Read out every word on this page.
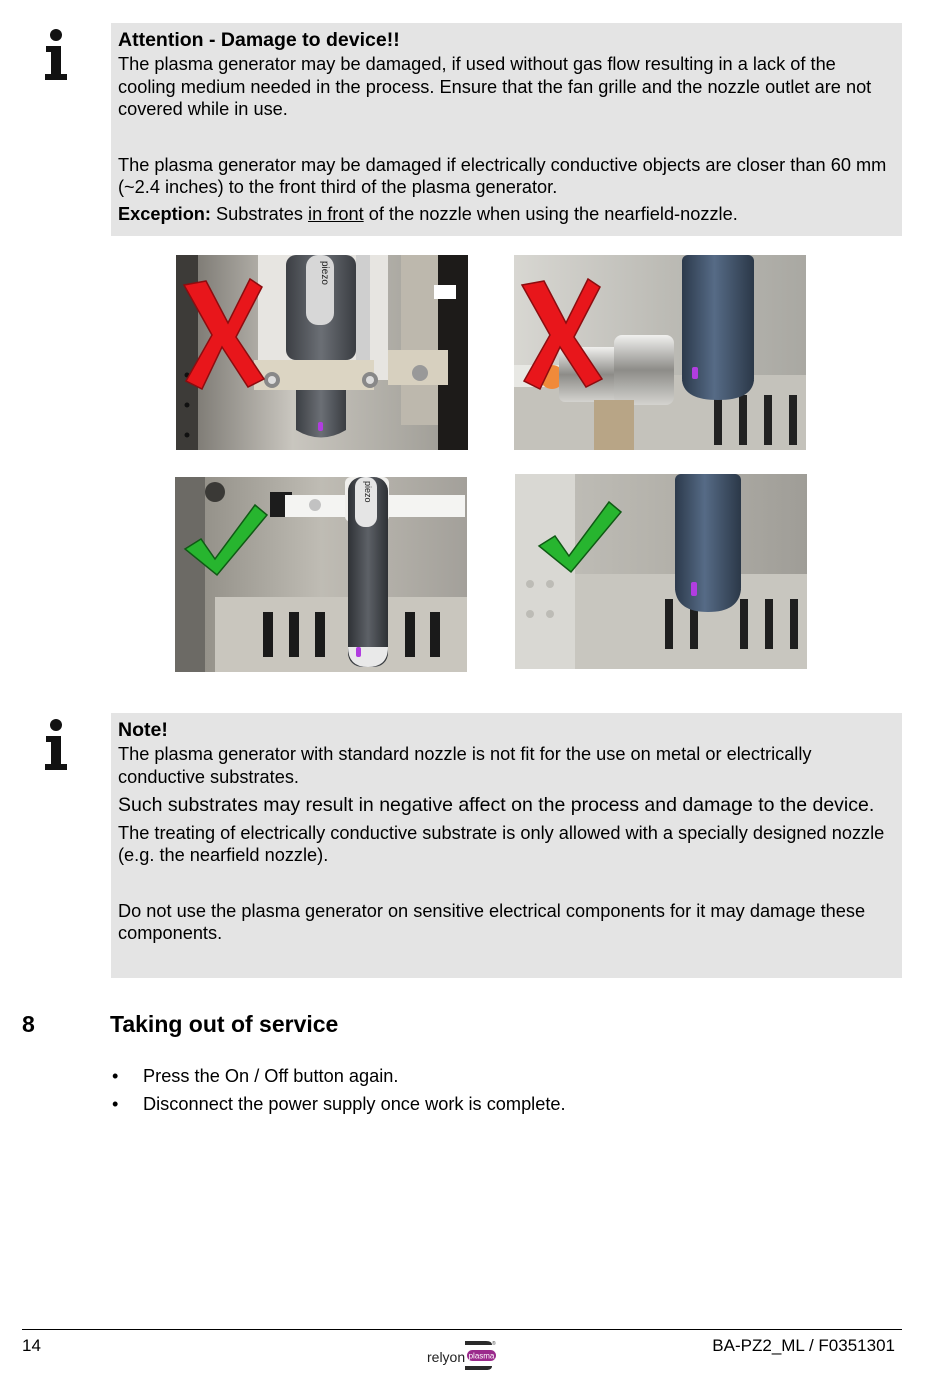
Attention - Damage to device!!

The plasma generator may be damaged, if used without gas flow resulting in a lack of the cooling medium needed in the process. Ensure that the fan grille and the nozzle outlet are not covered while in use.

The plasma generator may be damaged if electrically conductive objects are closer than 60 mm (~2.4 inches) to the front third of the plasma generator.

Exception: Substrates in front of the nozzle when using the nearfield-nozzle.

piezo
piezo
Note!

The plasma generator with standard nozzle is not fit for the use on metal or electrically conductive substrates.

Such substrates may result in negative affect on the process and damage to the device.

The treating of electrically conductive substrate is only allowed with a specially designed nozzle (e.g. the nearfield nozzle).

Do not use the plasma generator on sensitive electrical components for it may damage these components.

8	Taking out of service
• Press the On / Off button again.
• Disconnect the power supply once work is complete.
14
relyon plasma
®	BA-PZ2_ML / F0351301
